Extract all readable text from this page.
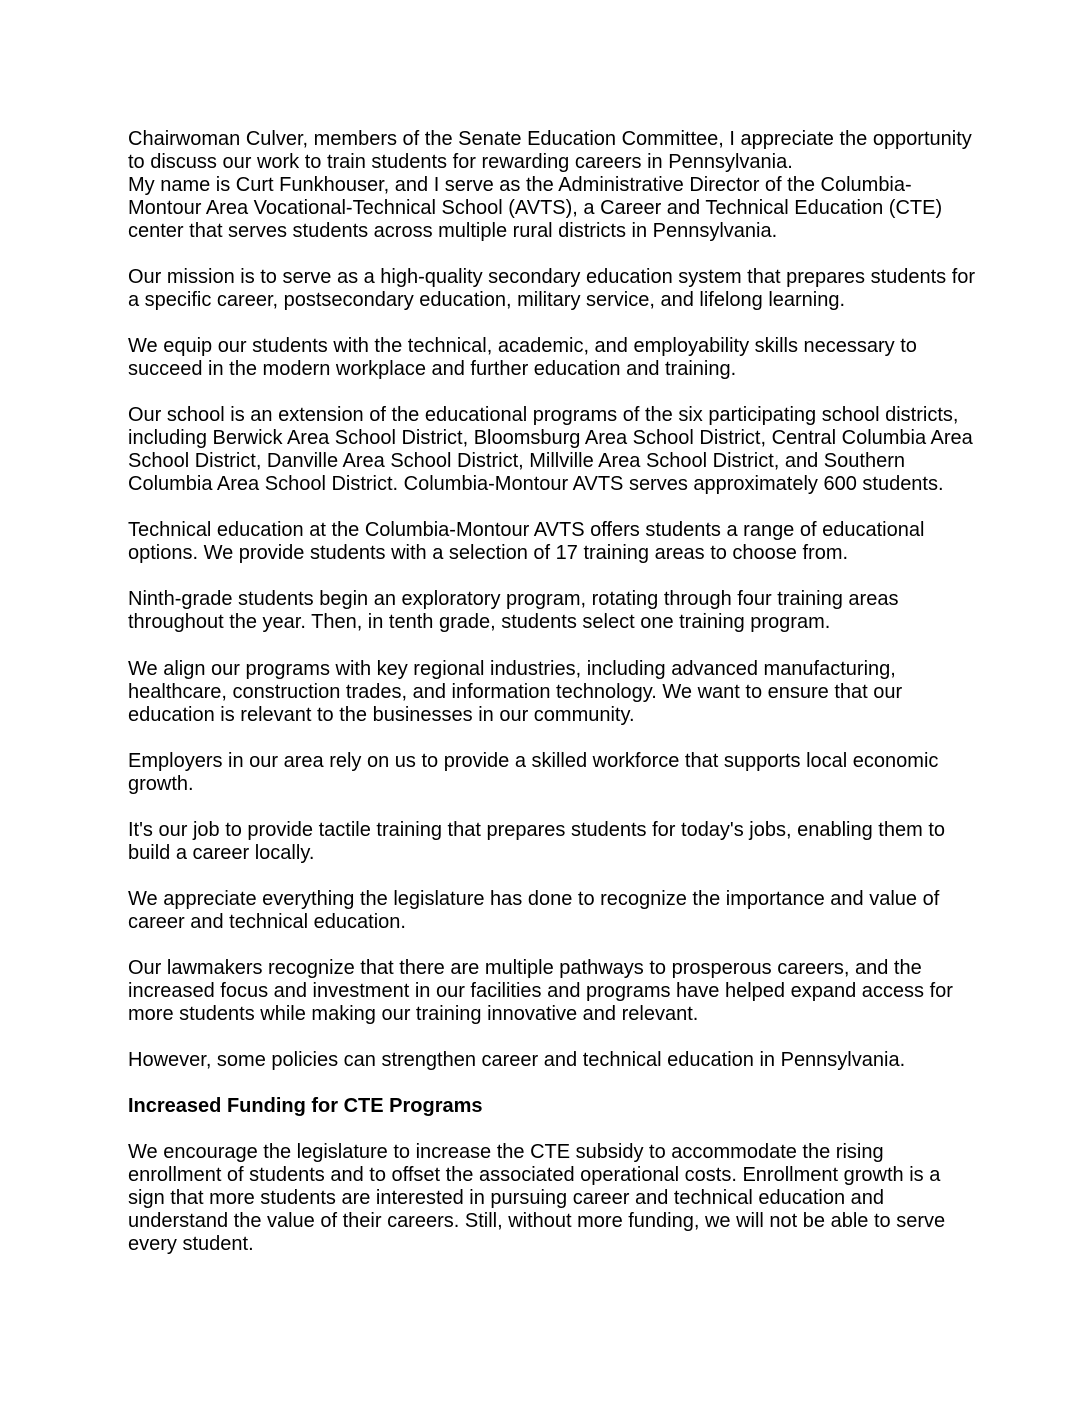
Chairwoman Culver, members of the Senate Education Committee, I appreciate the opportunity
to discuss our work to train students for rewarding careers in Pennsylvania.
My name is Curt Funkhouser, and I serve as the Administrative Director of the Columbia-
Montour Area Vocational-Technical School (AVTS), a Career and Technical Education (CTE)
center that serves students across multiple rural districts in Pennsylvania.
Our mission is to serve as a high-quality secondary education system that prepares students for
a specific career, postsecondary education, military service, and lifelong learning.
We equip our students with the technical, academic, and employability skills necessary to
succeed in the modern workplace and further education and training.
Our school is an extension of the educational programs of the six participating school districts,
including Berwick Area School District, Bloomsburg Area School District, Central Columbia Area
School District, Danville Area School District, Millville Area School District, and Southern
Columbia Area School District. Columbia-Montour AVTS serves approximately 600 students.
Technical education at the Columbia-Montour AVTS offers students a range of educational
options. We provide students with a selection of 17 training areas to choose from.
Ninth-grade students begin an exploratory program, rotating through four training areas
throughout the year. Then, in tenth grade, students select one training program.
We align our programs with key regional industries, including advanced manufacturing,
healthcare, construction trades, and information technology. We want to ensure that our
education is relevant to the businesses in our community.
Employers in our area rely on us to provide a skilled workforce that supports local economic
growth.
It's our job to provide tactile training that prepares students for today's jobs, enabling them to
build a career locally.
We appreciate everything the legislature has done to recognize the importance and value of
career and technical education.
Our lawmakers recognize that there are multiple pathways to prosperous careers, and the
increased focus and investment in our facilities and programs have helped expand access for
more students while making our training innovative and relevant.
However, some policies can strengthen career and technical education in Pennsylvania.
Increased Funding for CTE Programs
We encourage the legislature to increase the CTE subsidy to accommodate the rising
enrollment of students and to offset the associated operational costs. Enrollment growth is a
sign that more students are interested in pursuing career and technical education and
understand the value of their careers. Still, without more funding, we will not be able to serve
every student.
